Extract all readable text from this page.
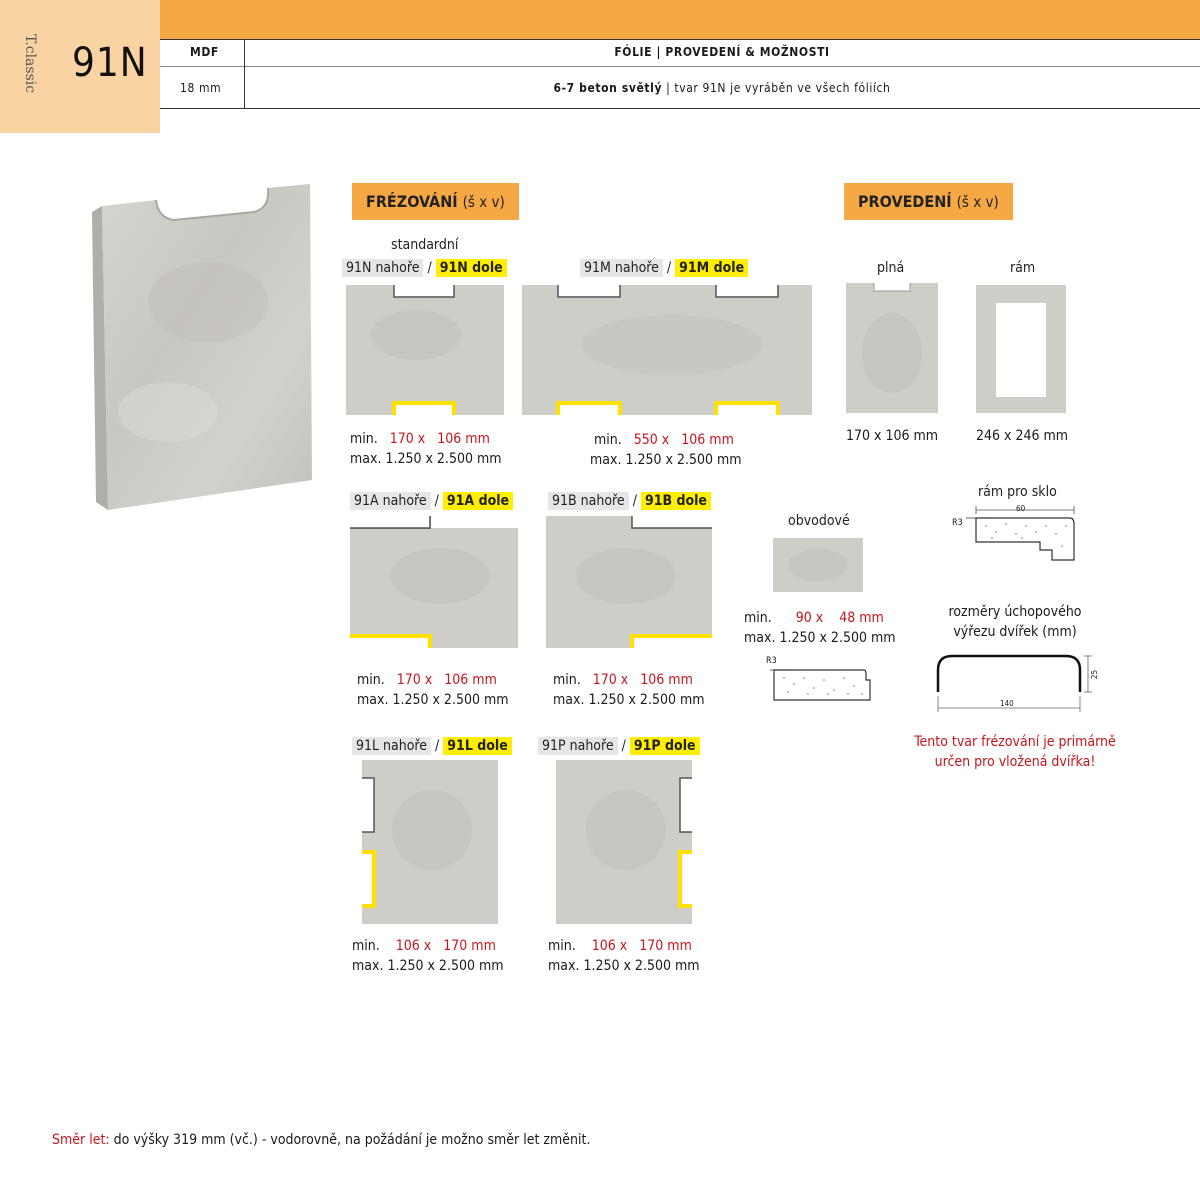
T.classic 91N	MDF
18 mm
FÓLIE | PROVEDENÍ & MOŽNOSTI
6-7 beton světlý | tvar 91N je vyráběn ve všech fóliích
FRÉZOVÁNÍ (š x v)	PROVEDENÍ (š x v)
standardní
91N nahoře / 91N dole
min. 170 x 106 mm
max. 1.250 x 2.500 mm
91M nahoře / 91M dole
min. 550 x 106 mm
max. 1.250 x 2.500 mm
91A nahoře / 91A dole
min. 170 x 106 mm
max. 1.250 x 2.500 mm
91B nahoře / 91B dole
min. 170 x 106 mm
max. 1.250 x 2.500 mm
91L nahoře / 91L dole
min. 106 x 170 mm
max. 1.250 x 2.500 mm
91P nahoře / 91P dole
min. 106 x 170 mm
max. 1.250 x 2.500 mm
plná
170 x 106 mm
rám
246 x 246 mm
obvodové
min. 90 x 48 mm
max. 1.250 x 2.500 mm
R3
rám pro sklo
60
R3
rozměry úchopového
výřezu dvířek (mm)
140
25
Tento tvar frézování je primárně
určen pro vložená dvířka!
Směr let: do výšky 319 mm (vč.) - vodorovně, na požádání je možno směr let změnit.
